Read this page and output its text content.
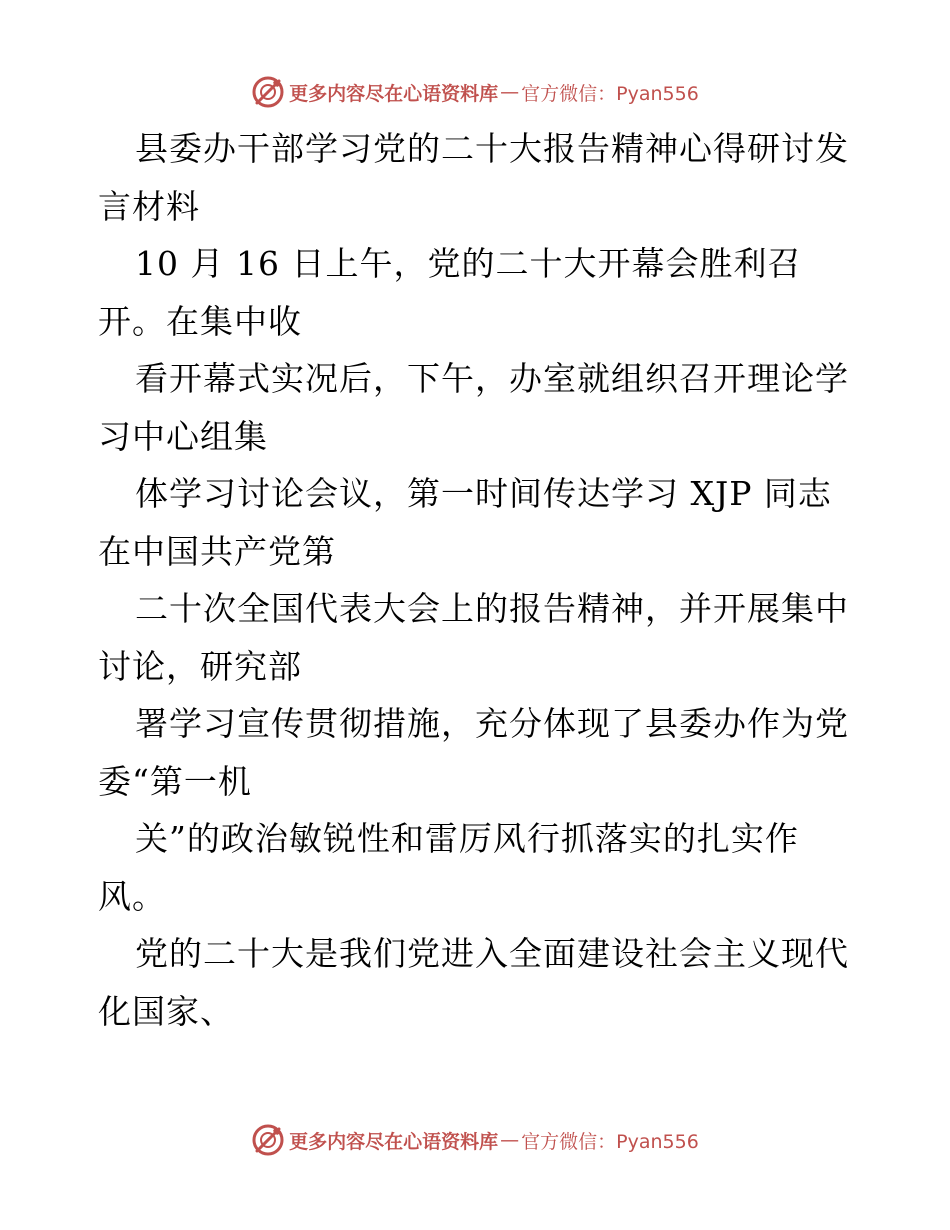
更多内容尽在心语资料库 — 官方微信：Pyan556
县委办干部学习党的二十大报告精神心得研讨发
言材料
10 月 16 日上午，党的二十大开幕会胜利召
开。在集中收
看开幕式实况后，下午，办室就组织召开理论学
习中心组集
体学习讨论会议，第一时间传达学习 XJP 同志
在中国共产党第
二十次全国代表大会上的报告精神，并开展集中
讨论，研究部
署学习宣传贯彻措施，充分体现了县委办作为党
委“第一机
关”的政治敏锐性和雷厉风行抓落实的扎实作
风。
党的二十大是我们党进入全面建设社会主义现代
化国家、
更多内容尽在心语资料库 — 官方微信：Pyan556
